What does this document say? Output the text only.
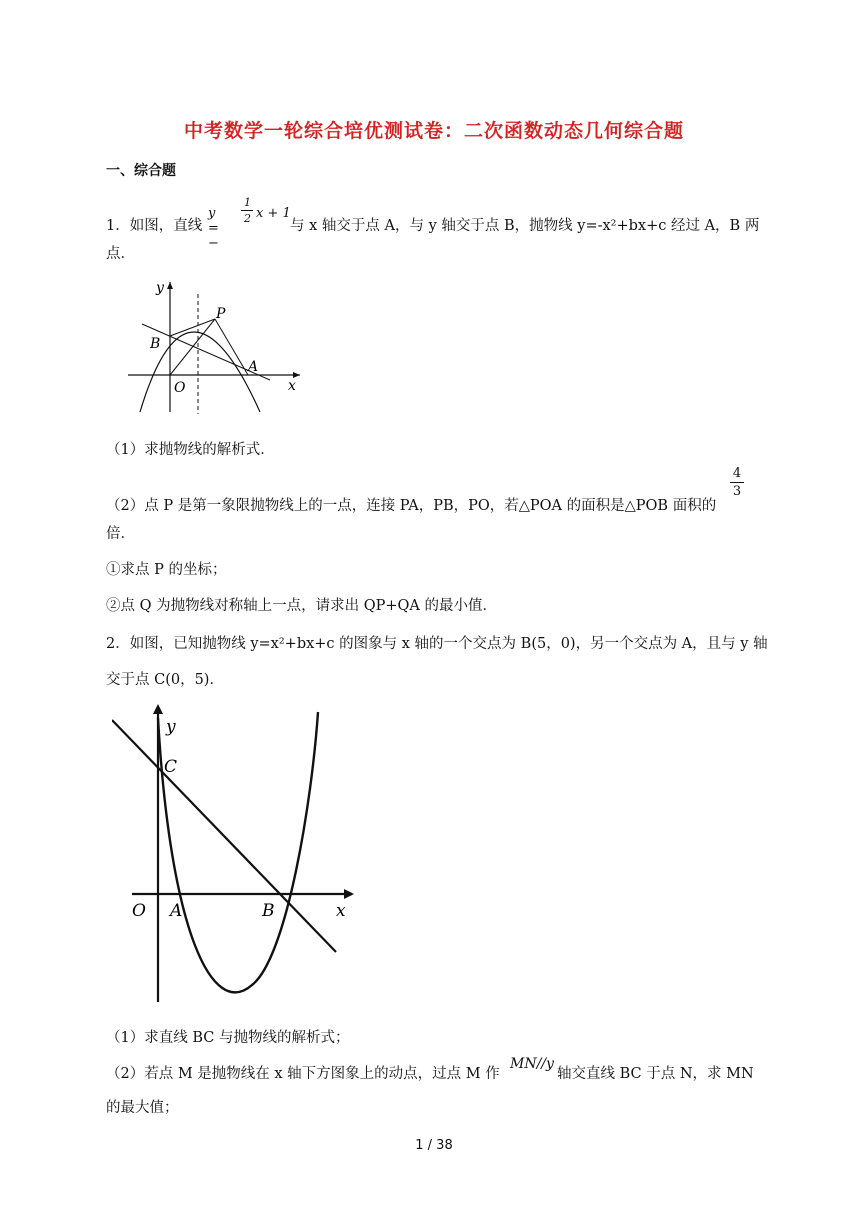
中考数学一轮综合培优测试卷：二次函数动态几何综合题
一、综合题
1．如图，直线
y = −
1
2 x + 1
与 x 轴交于点 A，与 y 轴交于点 B，抛物线 y=-x²+bx+c 经过 A，B 两
点．
y
B
P
A
O	x
（1）求抛物线的解析式．
（2）点 P 是第一象限抛物线上的一点，连接 PA，PB，PO，若△POA 的面积是△POB 面积的
4
3
倍．
①求点 P 的坐标；
②点 Q 为抛物线对称轴上一点，请求出 QP+QA 的最小值．
2．如图，已知抛物线 y=x²+bx+c 的图象与 x 轴的一个交点为 B(5，0)，另一个交点为 A，且与 y 轴
交于点 C(0，5)．
y
C
O A	B	x
（1）求直线 BC 与抛物线的解析式；
（2）若点 M 是抛物线在 x 轴下方图象上的动点，过点 M 作
MN//y
轴交直线 BC 于点 N，求 MN
的最大值；
1 / 38
